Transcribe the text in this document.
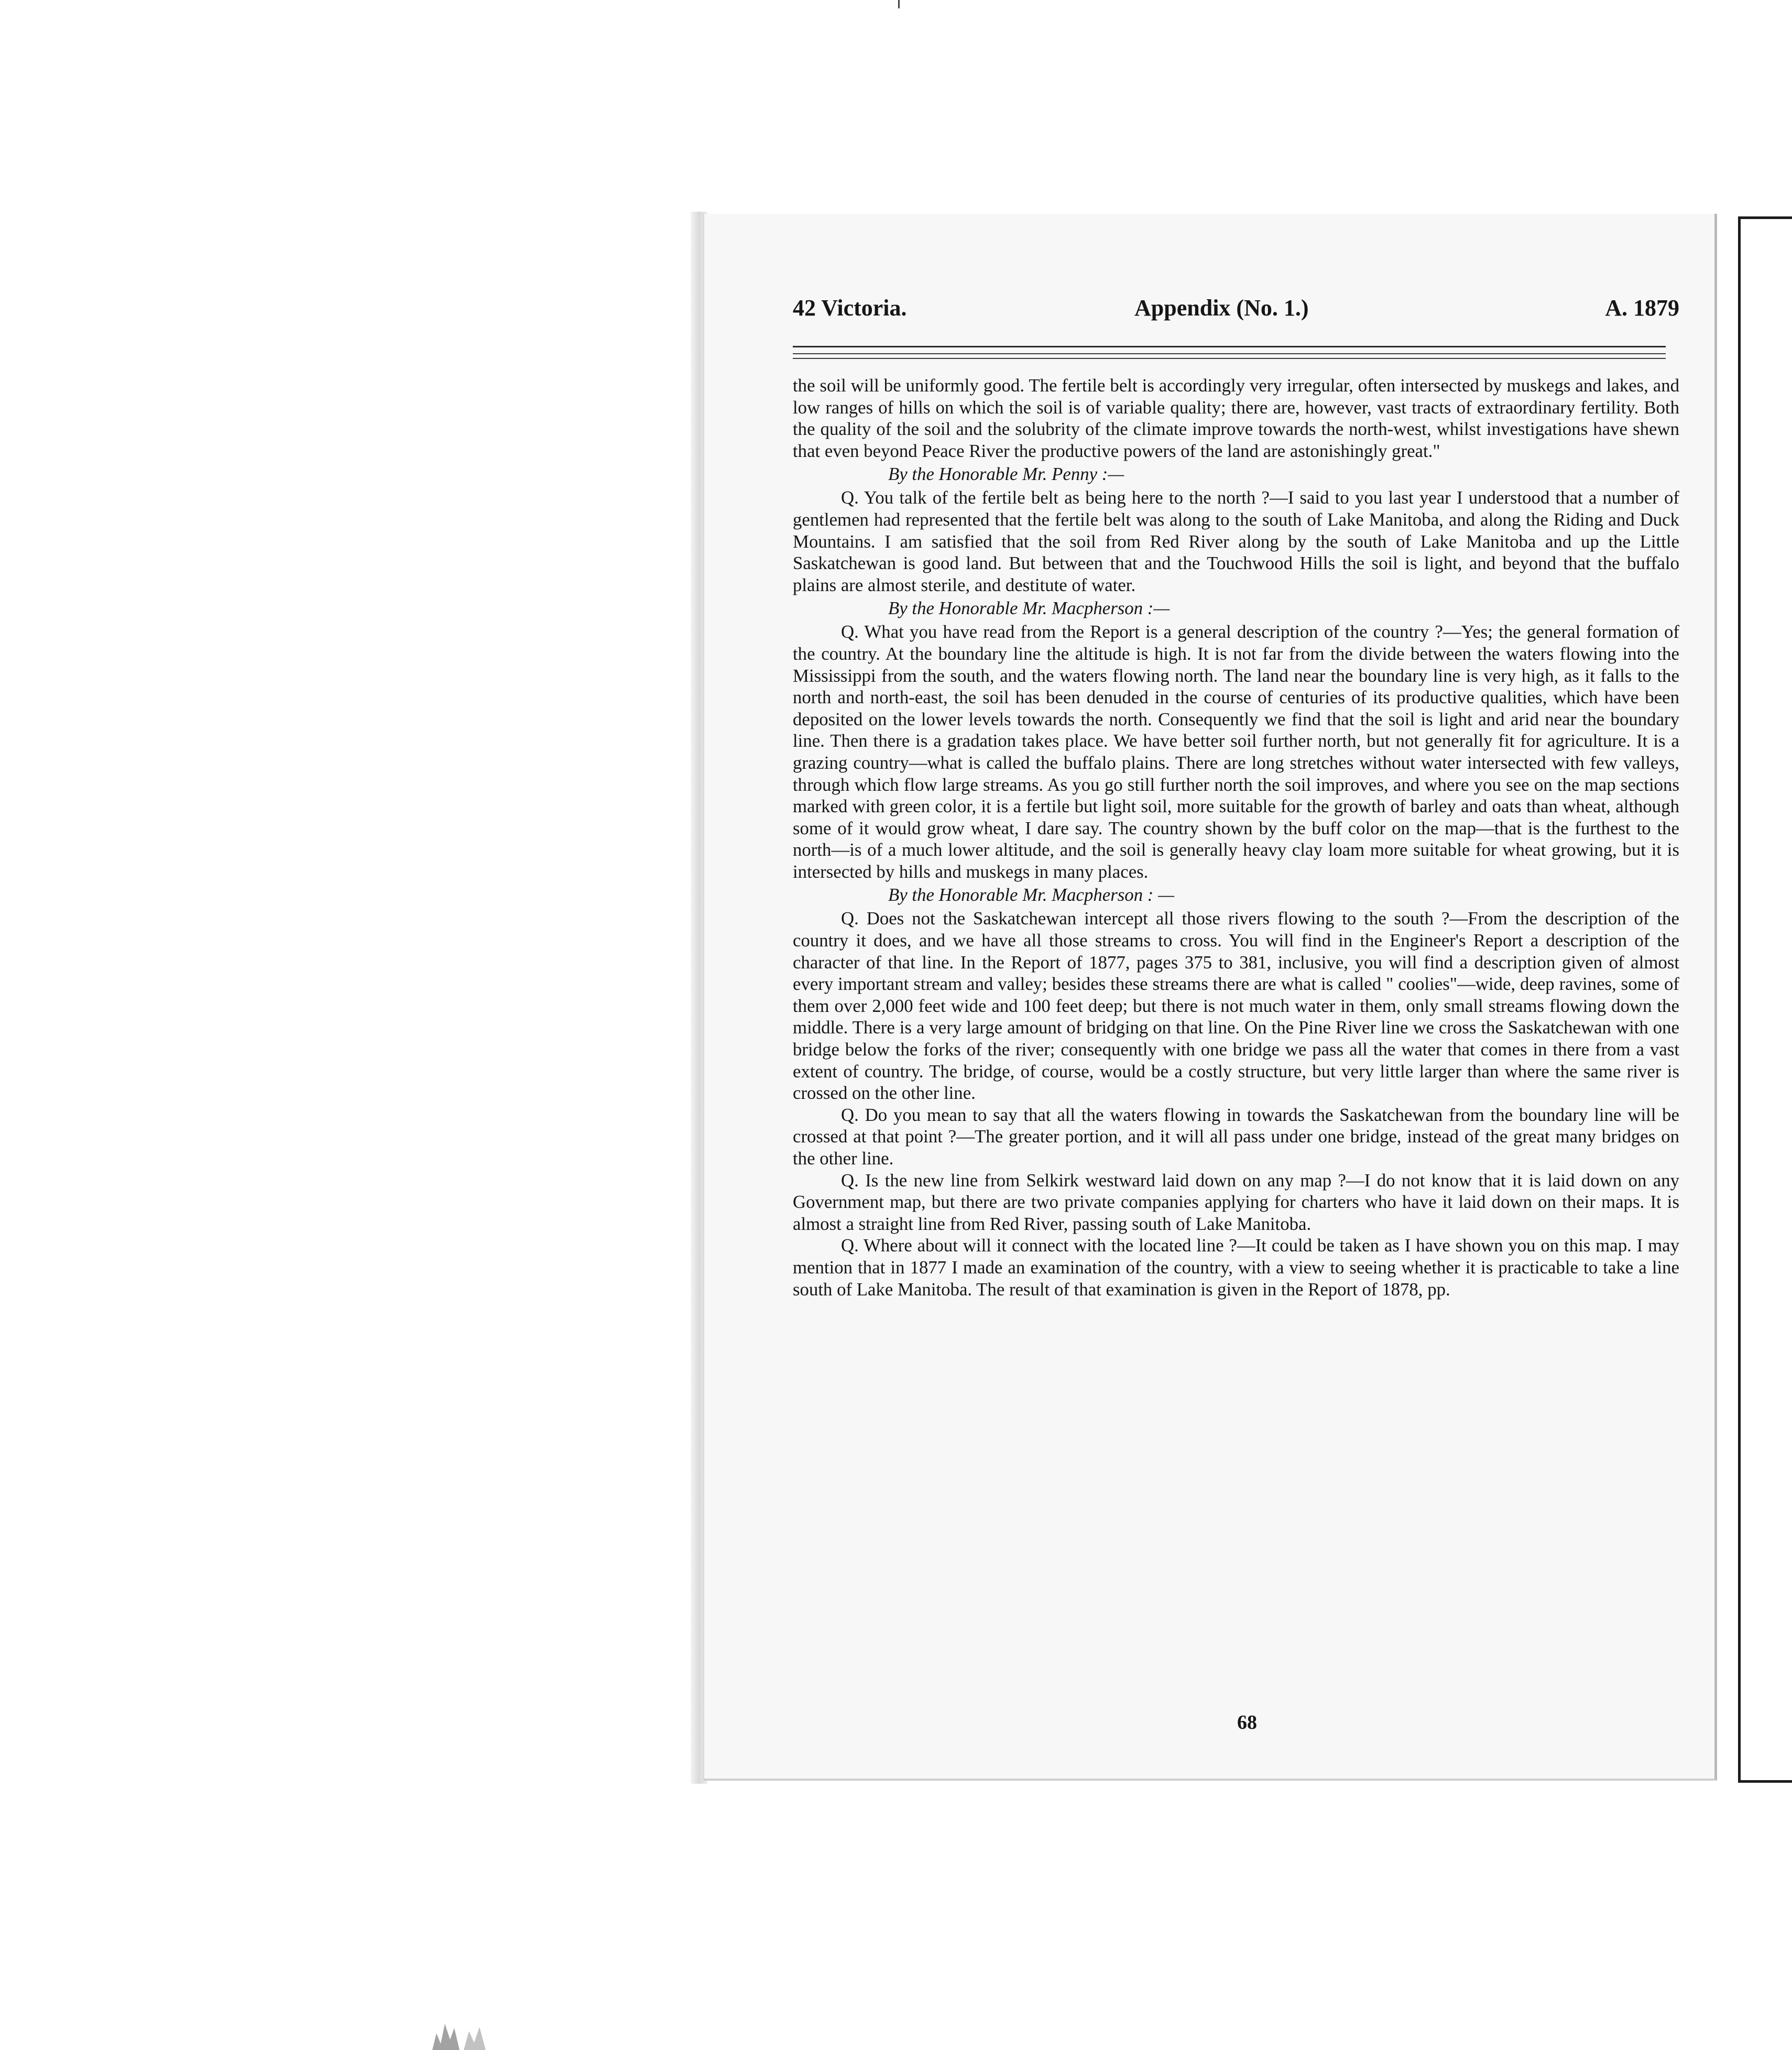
42 Victoria.	Appendix (No. 1.)	A. 1879

the soil will be uniformly good. The fertile belt is accordingly very irregular, often intersected by muskegs and lakes, and low ranges of hills on which the soil is of variable quality; there are, however, vast tracts of extraordinary fertility. Both the quality of the soil and the solubrity of the climate improve towards the north-west, whilst investigations have shewn that even beyond Peace River the productive powers of the land are astonishingly great."

By the Honorable Mr. Penny :—

Q. You talk of the fertile belt as being here to the north ?—I said to you last year I understood that a number of gentlemen had represented that the fertile belt was along to the south of Lake Manitoba, and along the Riding and Duck Mountains. I am satisfied that the soil from Red River along by the south of Lake Manitoba and up the Little Saskatchewan is good land. But between that and the Touchwood Hills the soil is light, and beyond that the buffalo plains are almost sterile, and destitute of water.

By the Honorable Mr. Macpherson :—

Q. What you have read from the Report is a general description of the country ?—Yes; the general formation of the country. At the boundary line the altitude is high. It is not far from the divide between the waters flowing into the Mississippi from the south, and the waters flowing north. The land near the boundary line is very high, as it falls to the north and north-east, the soil has been denuded in the course of centuries of its productive qualities, which have been deposited on the lower levels towards the north. Consequently we find that the soil is light and arid near the boundary line. Then there is a gradation takes place. We have better soil further north, but not generally fit for agriculture. It is a grazing country—what is called the buffalo plains. There are long stretches without water intersected with few valleys, through which flow large streams. As you go still further north the soil improves, and where you see on the map sections marked with green color, it is a fertile but light soil, more suitable for the growth of barley and oats than wheat, although some of it would grow wheat, I dare say. The country shown by the buff color on the map—that is the furthest to the north—is of a much lower altitude, and the soil is generally heavy clay loam more suitable for wheat growing, but it is intersected by hills and muskegs in many places.

By the Honorable Mr. Macpherson : —

Q. Does not the Saskatchewan intercept all those rivers flowing to the south ?—From the description of the country it does, and we have all those streams to cross. You will find in the Engineer's Report a description of the character of that line. In the Report of 1877, pages 375 to 381, inclusive, you will find a description given of almost every important stream and valley; besides these streams there are what is called " coolies"—wide, deep ravines, some of them over 2,000 feet wide and 100 feet deep; but there is not much water in them, only small streams flowing down the middle. There is a very large amount of bridging on that line. On the Pine River line we cross the Saskatchewan with one bridge below the forks of the river; consequently with one bridge we pass all the water that comes in there from a vast extent of country. The bridge, of course, would be a costly structure, but very little larger than where the same river is crossed on the other line.

Q. Do you mean to say that all the waters flowing in towards the Saskatchewan from the boundary line will be crossed at that point ?—The greater portion, and it will all pass under one bridge, instead of the great many bridges on the other line.

Q. Is the new line from Selkirk westward laid down on any map ?—I do not know that it is laid down on any Government map, but there are two private companies applying for charters who have it laid down on their maps. It is almost a straight line from Red River, passing south of Lake Manitoba.

Q. Where about will it connect with the located line ?—It could be taken as I have shown you on this map. I may mention that in 1877 I made an examination of the country, with a view to seeing whether it is practicable to take a line south of Lake Manitoba. The result of that examination is given in the Report of 1878, pp.

68
